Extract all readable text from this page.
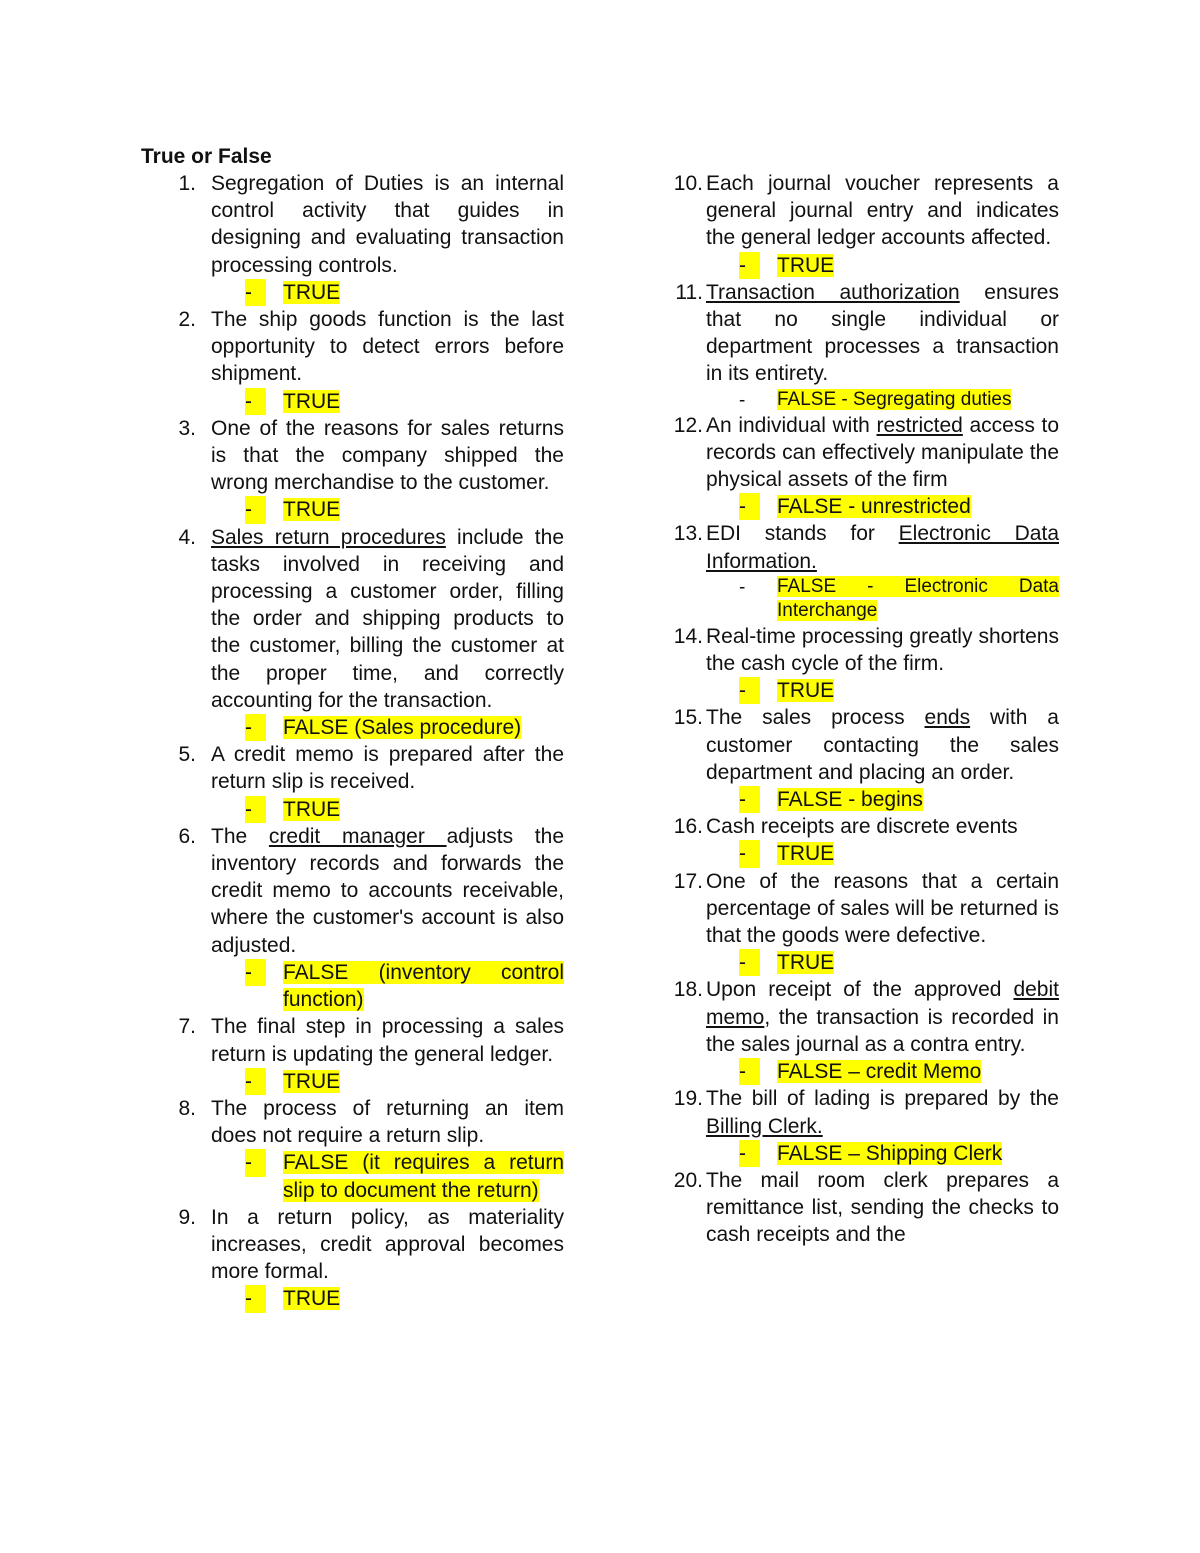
True or False
1. Segregation of Duties is an internal control activity that guides in designing and evaluating transaction processing controls.
-	TRUE
2. The ship goods function is the last opportunity to detect errors before shipment.
-	TRUE
3. One of the reasons for sales returns is that the company shipped the wrong merchandise to the customer.
-	TRUE
4. Sales return procedures include the tasks involved in receiving and processing a customer order, filling the order and shipping products to the customer, billing the customer at the proper time, and correctly accounting for the transaction.
-	FALSE (Sales procedure)
5. A credit memo is prepared after the return slip is received.
-	TRUE
6. The credit manager adjusts the inventory records and forwards the credit memo to accounts receivable, where the customer's account is also adjusted.
-	FALSE (inventory control function)
7. The final step in processing a sales return is updating the general ledger.
-	TRUE
8. The process of returning an item does not require a return slip.
-	FALSE (it requires a return slip to document the return)
9. In a return policy, as materiality increases, credit approval becomes more formal.
-	TRUE
10. Each journal voucher represents a general journal entry and indicates the general ledger accounts affected.
-	TRUE
11. Transaction authorization ensures that no single individual or department processes a transaction in its entirety.
- FALSE - Segregating duties
12. An individual with restricted access to records can effectively manipulate the physical assets of the firm
-	FALSE - unrestricted
13. EDI stands for Electronic Data Information.
- FALSE - Electronic Data Interchange
14. Real-time processing greatly shortens the cash cycle of the firm.
-	TRUE
15. The sales process ends with a customer contacting the sales department and placing an order.
-	FALSE - begins
16. Cash receipts are discrete events
-	TRUE
17. One of the reasons that a certain percentage of sales will be returned is that the goods were defective.
-	TRUE
18. Upon receipt of the approved debit memo, the transaction is recorded in the sales journal as a contra entry.
-	FALSE – credit Memo
19. The bill of lading is prepared by the Billing Clerk.
-	FALSE – Shipping Clerk
20. The mail room clerk prepares a remittance list, sending the checks to cash receipts and the
